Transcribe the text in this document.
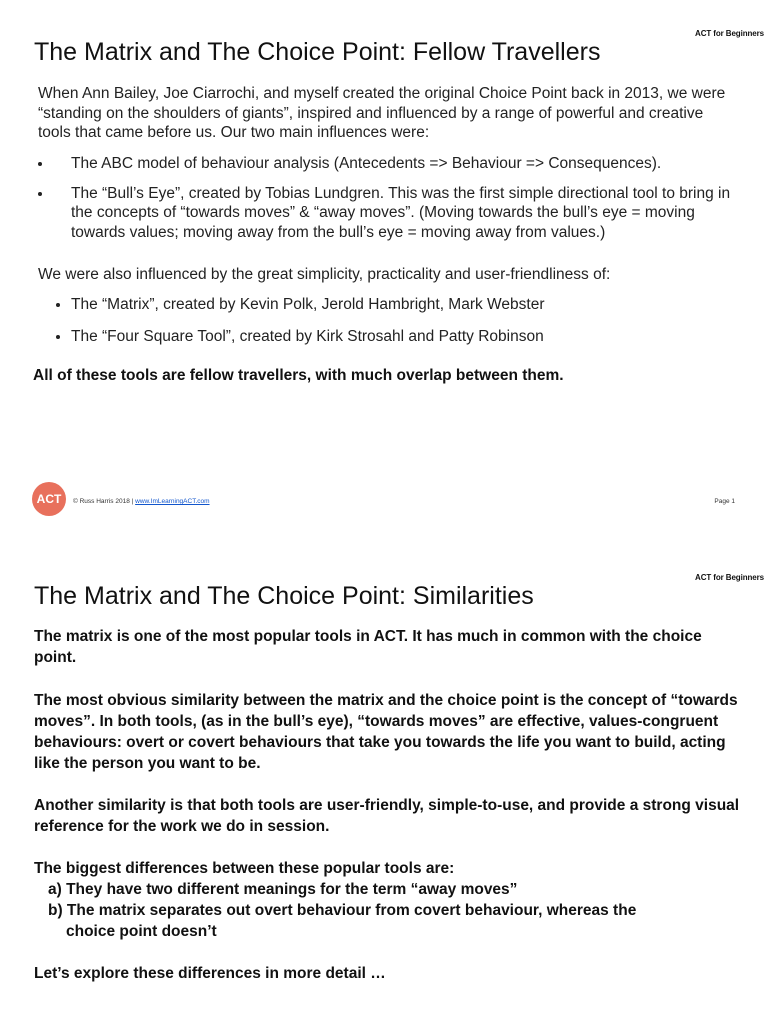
ACT for Beginners
The Matrix and The Choice Point: Fellow Travellers
When Ann Bailey, Joe Ciarrochi, and myself created the original Choice Point back in 2013, we were “standing on the shoulders of giants”, inspired and influenced by a range of powerful and creative tools that came before us. Our two main influences were:
The ABC model of behaviour analysis (Antecedents => Behaviour => Consequences).
The “Bull’s Eye”, created by Tobias Lundgren. This was the first simple directional tool to bring in the concepts of “towards moves” & “away moves”. (Moving towards the bull’s eye = moving towards values; moving away from the bull’s eye = moving away from values.)
We were also influenced by the great simplicity, practicality and user-friendliness of:
The “Matrix”, created by Kevin Polk, Jerold Hambright, Mark Webster
The “Four Square Tool”, created by Kirk Strosahl and Patty Robinson
All of these tools are fellow travellers, with much overlap between them.
ACT	© Russ Harris 2018 | www.ImLearningACT.com	Page 1
ACT for Beginners
The Matrix and The Choice Point: Similarities
The matrix is one of the most popular tools in ACT. It has much in common with the choice point.
The most obvious similarity between the matrix and the choice point is the concept of “towards moves”. In both tools, (as in the bull’s eye), “towards moves” are effective, values-congruent behaviours: overt or covert behaviours that take you towards the life you want to build, acting like the person you want to be.
Another similarity is that both tools are user-friendly, simple-to-use, and provide a strong visual reference for the work we do in session.
The biggest differences between these popular tools are:
a) They have two different meanings for the term “away moves”
b) The matrix separates out overt behaviour from covert behaviour, whereas the
choice point doesn’t
Let’s explore these differences in more detail …
